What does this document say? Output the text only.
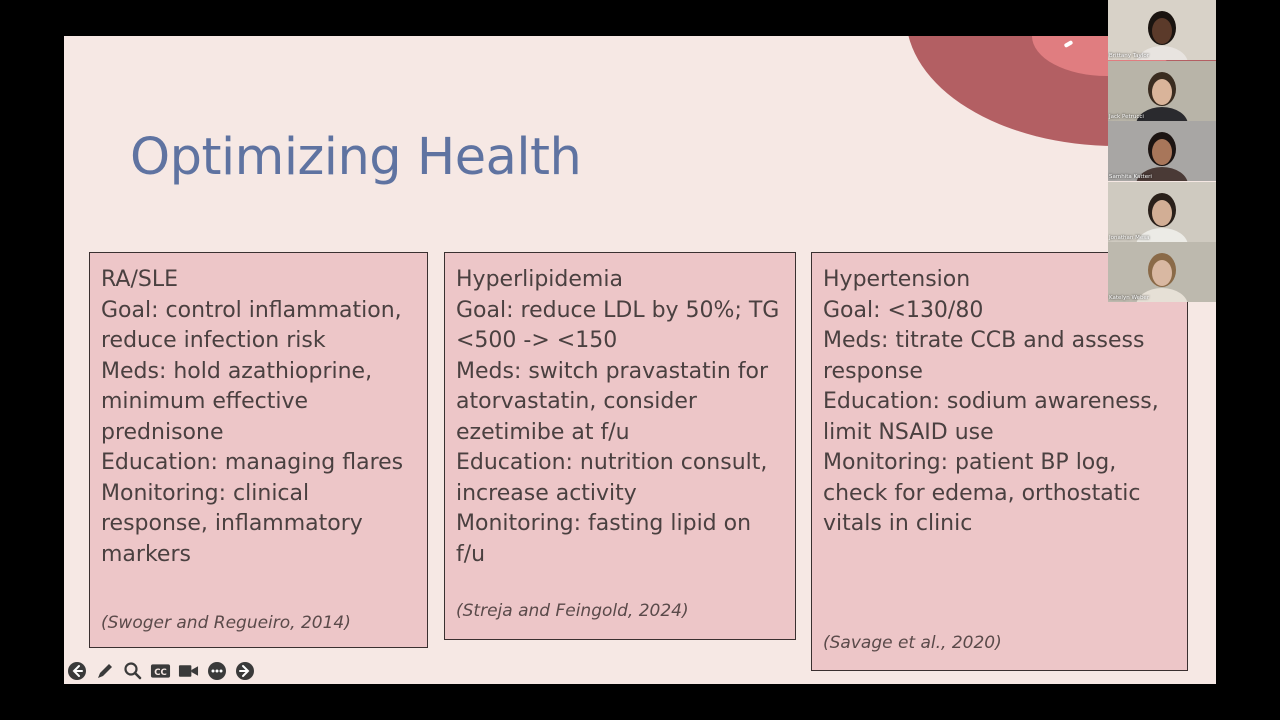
Optimizing Health
RA/SLE
Goal: control inflammation,
reduce infection risk
Meds: hold azathioprine,
minimum effective
prednisone
Education: managing flares
Monitoring: clinical
response, inflammatory
markers
(Swoger and Regueiro, 2014)
Hyperlipidemia
Goal: reduce LDL by 50%; TG
<500 -> <150
Meds: switch pravastatin for
atorvastatin, consider
ezetimibe at f/u
Education: nutrition consult,
increase activity
Monitoring: fasting lipid on
f/u
(Streja and Feingold, 2024)
Hypertension
Goal: <130/80
Meds: titrate CCB and assess
response
Education: sodium awareness,
limit NSAID use
Monitoring: patient BP log,
check for edema, orthostatic
vitals in clinic
(Savage et al., 2020)
CC
Brittany Taylor
Jack Petrucci
Samhita Katteri
Jonathan Mesa
Katelyn Weber
